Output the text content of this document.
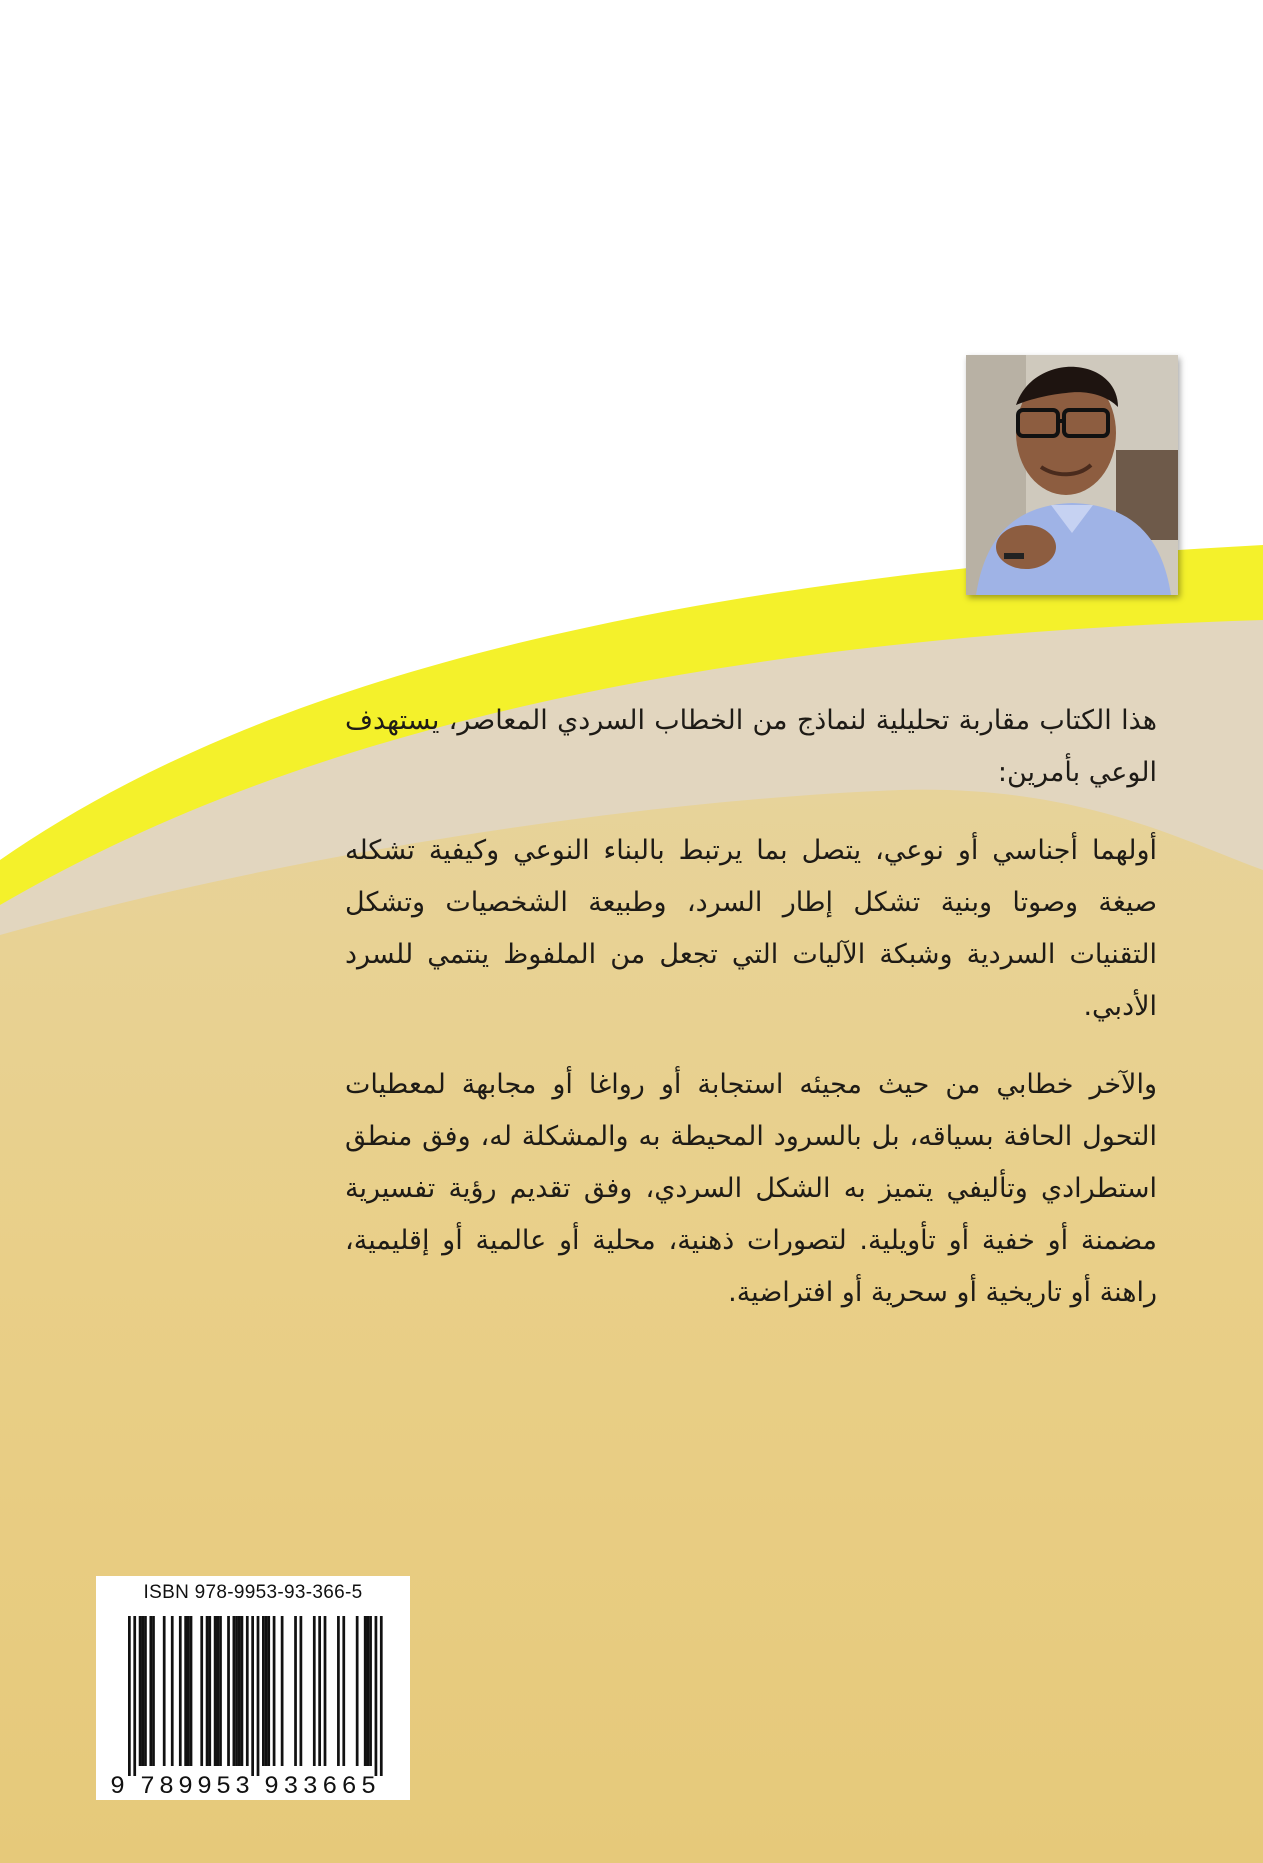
هذا الكتاب مقاربة تحليلية لنماذج من الخطاب السردي المعاصر، يستهدف الوعي بأمرين:

أولهما أجناسي أو نوعي، يتصل بما يرتبط بالبناء النوعي وكيفية تشكله صيغة وصوتا وبنية تشكل إطار السرد، وطبيعة الشخصيات وتشكل التقنيات السردية وشبكة الآليات التي تجعل من الملفوظ ينتمي للسرد الأدبي.

والآخر خطابي من حيث مجيئه استجابة أو رواغا أو مجابهة لمعطيات التحول الحافة بسياقه، بل بالسرود المحيطة به والمشكلة له، وفق منطق استطرادي وتأليفي يتميز به الشكل السردي، وفق تقديم رؤية تفسيرية مضمنة أو خفية أو تأويلية. لتصورات ذهنية، محلية أو عالمية أو إقليمية، راهنة أو تاريخية أو سحرية أو افتراضية.

ISBN 978-9953-93-366-5
9 789953 933665
